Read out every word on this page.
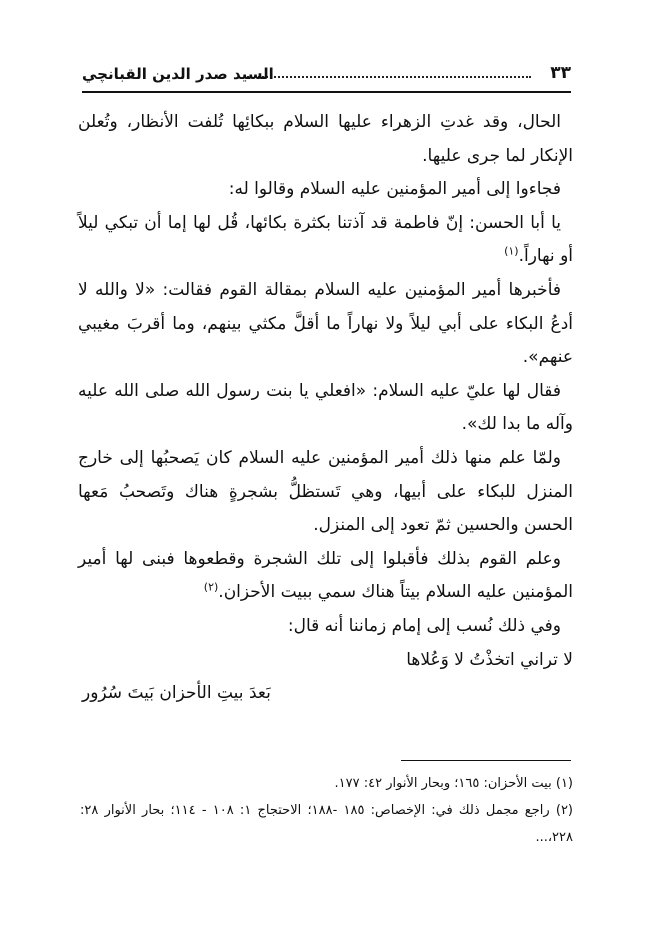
٣٣
السيد صدر الدين القبانچي

الحال، وقد غدتِ الزهراء عليها السلام ببكائِها تُلفت الأنظار، وتُعلن الإنكار لما جرى عليها.

فجاءوا إلى أمير المؤمنين عليه السلام وقالوا له:

يا أبا الحسن: إنّ فاطمة قد آذتنا بكثرة بكائها، قُل لها إما أن تبكي ليلاً أو نهاراً.$^{(١)}$

فأخبرها أمير المؤمنين عليه السلام بمقالة القوم فقالت: «لا والله لا أدعُ البكاء على أبي ليلاً ولا نهاراً ما أقلَّ مكثي بينهم، وما أقربَ مغيبي عنهم».

فقال لها عليّ عليه السلام: «افعلي يا بنت رسول الله صلى الله عليه وآله ما بدا لك».

ولمّا علم منها ذلك أمير المؤمنين عليه السلام كان يَصحبُها إلى خارج المنزل للبكاء على أبيها، وهي تَستظلُّ بشجرةٍ هناك وتَصحبُ مَعها الحسن والحسين ثمّ تعود إلى المنزل.

وعلم القوم بذلك فأقبلوا إلى تلك الشجرة وقطعوها فبنى لها أمير المؤمنين عليه السلام بيتاً هناك سمي ببيت الأحزان.$^{(٢)}$

وفي ذلك نُسب إلى إمام زماننا أنه قال:

لا تراني اتخذْتُ لا وَعُلاها

بَعدَ بيتِ الأحزان بَيتَ سُرُور

(١) بيت الأحزان: ١٦٥؛ وبحار الأنوار ٤٢: ١٧٧.

(٢) راجع مجمل ذلك في: الإخصاص: ١٨٥ -١٨٨؛ الاحتجاج ١: ١٠٨ - ١١٤؛ بحار الأنوار ٢٨: ٢٢٨،...
